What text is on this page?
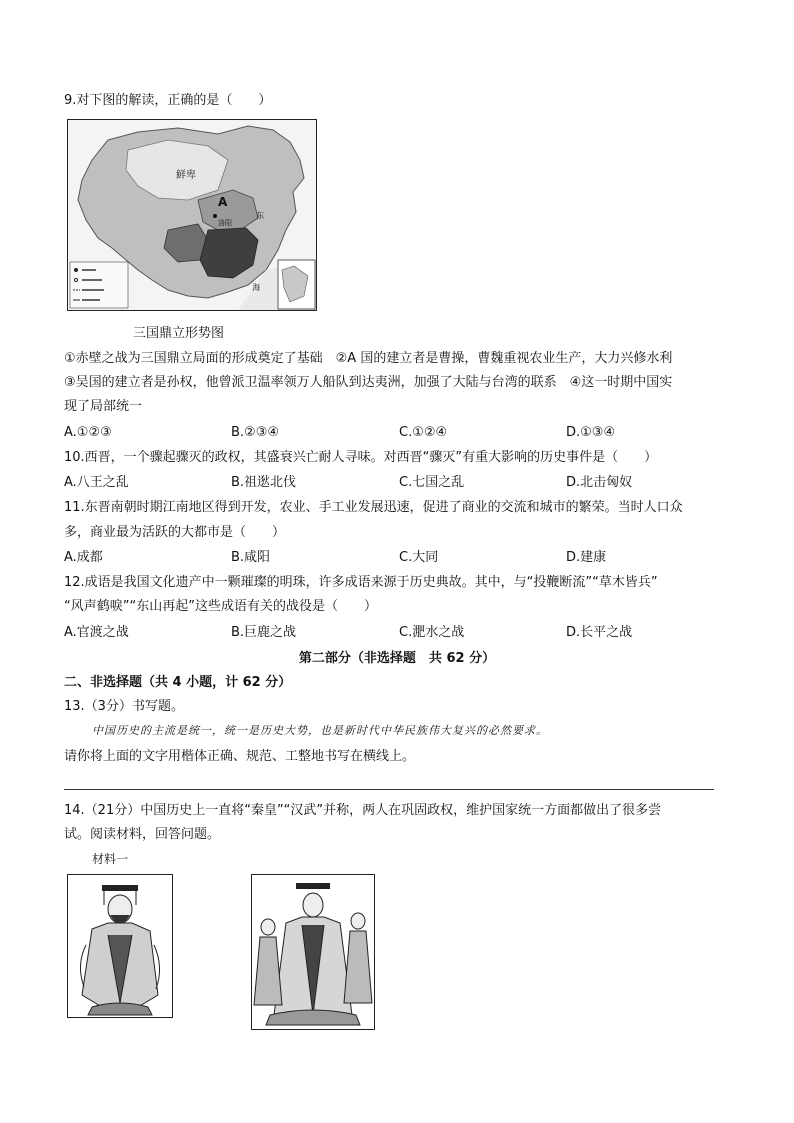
9.对下图的解读，正确的是（　　）
鲜卑
A
洛阳
东
海
三国鼎立形势图
①赤壁之战为三国鼎立局面的形成奠定了基础　②A 国的建立者是曹操，曹魏重视农业生产，大力兴修水利
③吴国的建立者是孙权，他曾派卫温率领万人船队到达夷洲，加强了大陆与台湾的联系　④这一时期中国实
现了局部统一
A.①②③	B.②③④	C.①②④	D.①③④
10.西晋，一个骤起骤灭的政权，其盛衰兴亡耐人寻味。对西晋“骤灭”有重大影响的历史事件是（　　）
A.八王之乱	B.祖逖北伐	C.七国之乱	D.北击匈奴
11.东晋南朝时期江南地区得到开发，农业、手工业发展迅速，促进了商业的交流和城市的繁荣。当时人口众
多，商业最为活跃的大都市是（　　）
A.成都	B.咸阳	C.大同	D.建康
12.成语是我国文化遗产中一颗璀璨的明珠，许多成语来源于历史典故。其中，与“投鞭断流”“草木皆兵”
“风声鹤唳”“东山再起”这些成语有关的战役是（　　）
A.官渡之战	B.巨鹿之战	C.淝水之战	D.长平之战
第二部分（非选择题　共 62 分）
二、非选择题（共 4 小题，计 62 分）
13.（3分）书写题。
中国历史的主流是统一，统一是历史大势，也是新时代中华民族伟大复兴的必然要求。
请你将上面的文字用楷体正确、规范、工整地书写在横线上。
14.（21分）中国历史上一直将“秦皇”“汉武”并称，两人在巩固政权，维护国家统一方面都做出了很多尝
试。阅读材料，回答问题。
材料一
